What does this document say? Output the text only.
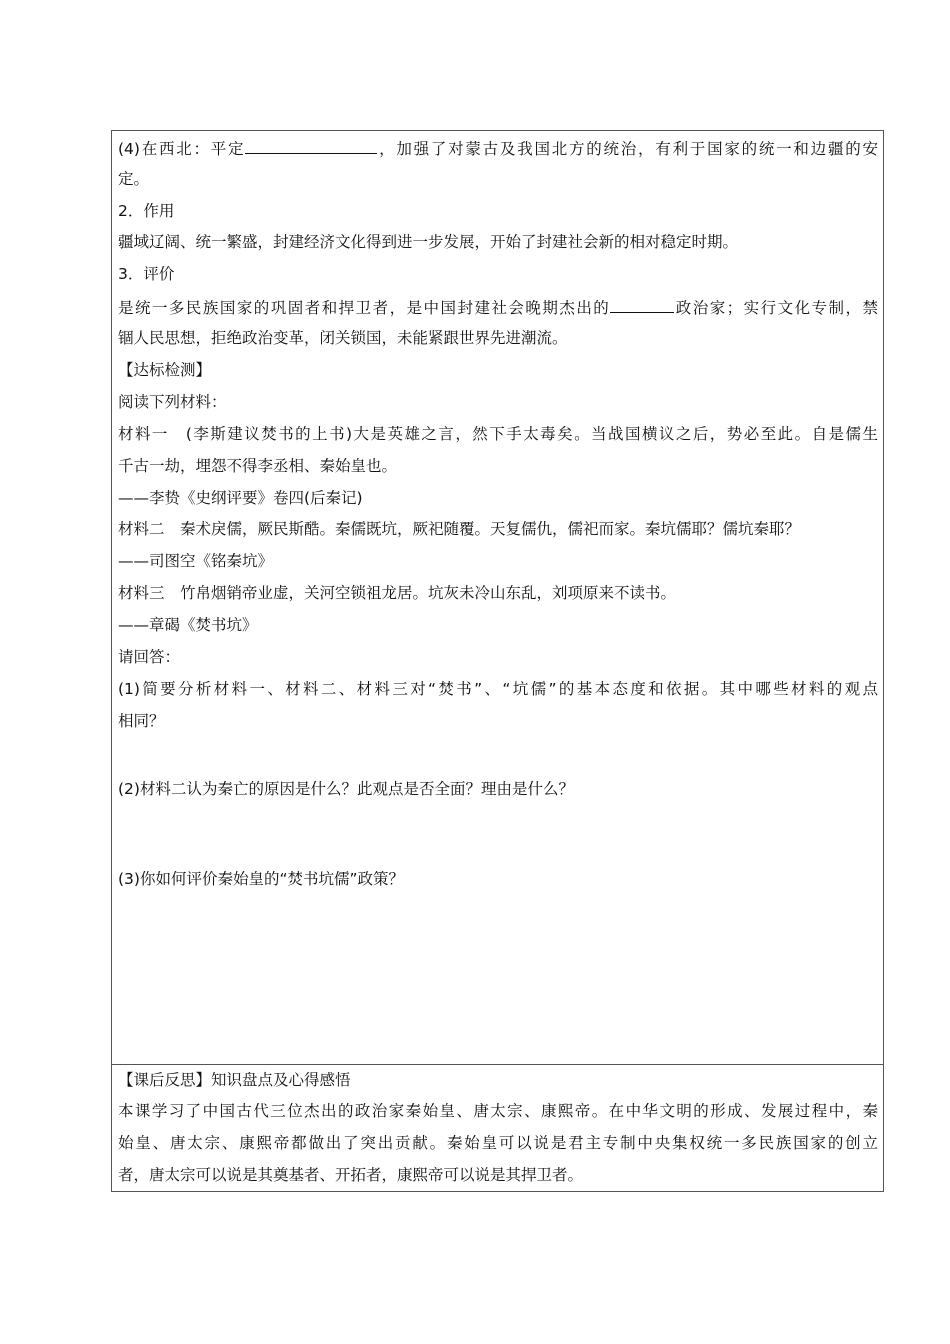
(4)在西北：平定	，加强了对蒙古及我国北方的统治，有利于国家的统一和边疆的安
定。
2．作用
疆域辽阔、统一繁盛，封建经济文化得到进一步发展，开始了封建社会新的相对稳定时期。
3．评价
是统一多民族国家的巩固者和捍卫者，是中国封建社会晚期杰出的	政治家；实行文化专制，禁
锢人民思想，拒绝政治变革，闭关锁国，未能紧跟世界先进潮流。
【达标检测】
阅读下列材料：
材料一　(李斯建议焚书的上书)大是英雄之言，然下手太毒矣。当战国横议之后，势必至此。自是儒生
千古一劫，埋怨不得李丞相、秦始皇也。
——李贽《史纲评要》卷四(后秦记)
材料二　秦术戾儒，厥民斯酷。秦儒既坑，厥祀随覆。天复儒仇，儒祀而家。秦坑儒耶？儒坑秦耶？
——司图空《铭秦坑》
材料三　竹帛烟销帝业虚，关河空锁祖龙居。坑灰未冷山东乱，刘项原来不读书。
——章碣《焚书坑》
请回答：
(1)简要分析材料一、材料二、材料三对“焚书”、“坑儒”的基本态度和依据。其中哪些材料的观点
相同？
(2)材料二认为秦亡的原因是什么？此观点是否全面？理由是什么？
(3)你如何评价秦始皇的“焚书坑儒”政策？
【课后反思】知识盘点及心得感悟
本课学习了中国古代三位杰出的政治家秦始皇、唐太宗、康熙帝。在中华文明的形成、发展过程中，秦
始皇、唐太宗、康熙帝都做出了突出贡献。秦始皇可以说是君主专制中央集权统一多民族国家的创立
者，唐太宗可以说是其奠基者、开拓者，康熙帝可以说是其捍卫者。
